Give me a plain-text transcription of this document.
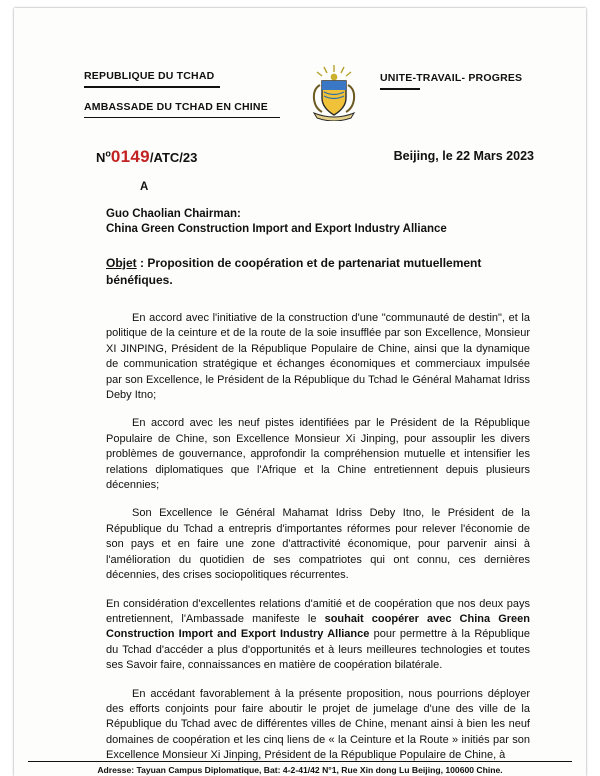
REPUBLIQUE DU TCHAD
AMBASSADE DU TCHAD EN CHINE
UNITE-TRAVAIL- PROGRES
$N^o0149/ATC/23$	Beijing, le 22 Mars 2023
A
Guo Chaolian Chairman:
China Green Construction Import and Export Industry Alliance
Objet : Proposition de coopération et de partenariat mutuellement bénéfiques.

En accord avec l'initiative de la construction d'une "communauté de destin", et la politique de la ceinture et de la route de la soie insufflée par son Excellence, Monsieur XI JINPING, Président de la République Populaire de Chine, ainsi que la dynamique de communication stratégique et échanges économiques et commerciaux impulsée par son Excellence, le Président de la République du Tchad le Général Mahamat Idriss Deby Itno;

En accord avec les neuf pistes identifiées par le Président de la République Populaire de Chine, son Excellence Monsieur Xi Jinping, pour assouplir les divers problèmes de gouvernance, approfondir la compréhension mutuelle et intensifier les relations diplomatiques que l'Afrique et la Chine entretiennent depuis plusieurs décennies;

Son Excellence le Général Mahamat Idriss Deby Itno, le Président de la République du Tchad a entrepris d'importantes réformes pour relever l'économie de son pays et en faire une zone d'attractivité économique, pour parvenir ainsi à l'amélioration du quotidien de ses compatriotes qui ont connu, ces dernières décennies, des crises sociopolitiques récurrentes.

En considération d'excellentes relations d'amitié et de coopération que nos deux pays entretiennent, l'Ambassade manifeste le souhait coopérer avec China Green Construction Import and Export Industry Alliance pour permettre à la République du Tchad d'accéder a plus d'opportunités et à leurs meilleures technologies et toutes ses Savoir faire, connaissances en matière de coopération bilatérale.

En accédant favorablement à la présente proposition, nous pourrions déployer des efforts conjoints pour faire aboutir le projet de jumelage d'une des ville de la République du Tchad avec de différentes villes de Chine, menant ainsi à bien les neuf domaines de coopération et les cinq liens de « la Ceinture et la Route » initiés par son Excellence Monsieur Xi Jinping, Président de la République Populaire de Chine, à

Adresse: Tayuan Campus Diplomatique, Bat: 4-2-41/42 N°1, Rue Xin dong Lu Beijing, 100600 Chine.
